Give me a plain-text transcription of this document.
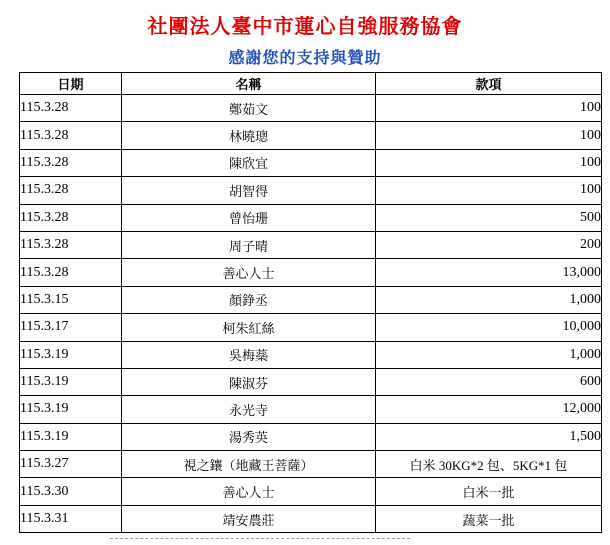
社團法人臺中市蓮心自強服務協會
感謝您的支持與贊助
日期	名稱	款項
115.3.28	鄭茹文	100
115.3.28	林曉璁	100
115.3.28	陳欣宜	100
115.3.28	胡智得	100
115.3.28	曾怡珊	500
115.3.28	周子晴	200
115.3.28	善心人士	13,000
115.3.15	顏錚丞	1,000
115.3.17	柯朱紅絲	10,000
115.3.19	吳梅蘂	1,000
115.3.19	陳淑芬	600
115.3.19	永光寺	12,000
115.3.19	湯秀英	1,500
115.3.27	視之鑲（地藏王菩薩）	白米 30KG*2 包、5KG*1 包
115.3.30	善心人士	白米一批
115.3.31	靖安農莊	蔬菜一批
